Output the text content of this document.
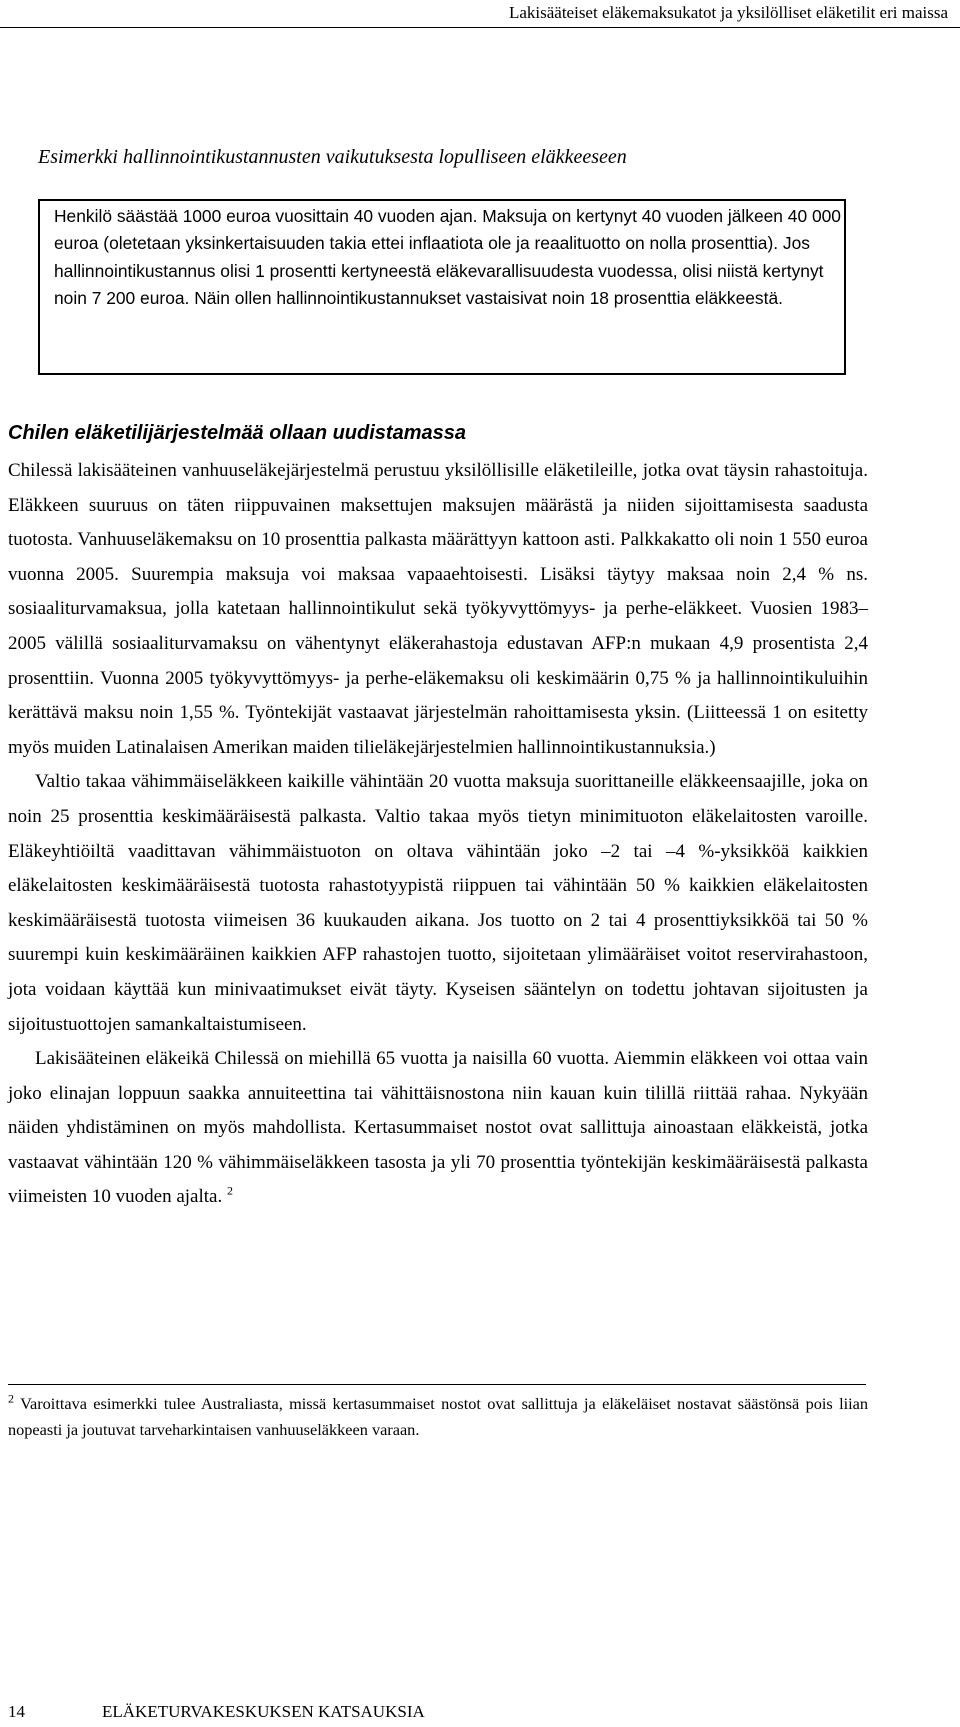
Lakisääteiset eläkemaksukatot ja yksilölliset eläketilit eri maissa
Esimerkki hallinnointikustannusten vaikutuksesta lopulliseen eläkkeeseen

Henkilö säästää 1000 euroa vuosittain 40 vuoden ajan. Maksuja on kertynyt 40 vuoden jälkeen 40 000 euroa (oletetaan yksinkertaisuuden takia ettei inflaatiota ole ja reaalituotto on nolla prosenttia). Jos hallinnointikustannus olisi 1 prosentti kertyneestä eläkevarallisuudesta vuodessa, olisi niistä kertynyt noin 7 200 euroa. Näin ollen hallinnointikustannukset vastaisivat noin 18 prosenttia eläkkeestä.

Chilen eläketilijärjestelmää ollaan uudistamassa

Chilessä lakisääteinen vanhuuseläkejärjestelmä perustuu yksilöllisille eläketileille, jotka ovat täysin rahastoituja. Eläkkeen suuruus on täten riippuvainen maksettujen maksujen määrästä ja niiden sijoittamisesta saadusta tuotosta. Vanhuuseläkemaksu on 10 prosenttia palkasta määrättyyn kattoon asti. Palkkakatto oli noin 1 550 euroa vuonna 2005. Suurempia maksuja voi maksaa vapaaehtoisesti. Lisäksi täytyy maksaa noin 2,4 % ns. sosiaaliturvamaksua, jolla katetaan hallinnointikulut sekä työkyvyttömyys- ja perhe-eläkkeet. Vuosien 1983–2005 välillä sosiaaliturvamaksu on vähentynyt eläkerahastoja edustavan AFP:n mukaan 4,9 prosentista 2,4 prosenttiin. Vuonna 2005 työkyvyttömyys- ja perhe-eläkemaksu oli keskimäärin 0,75 % ja hallinnointikuluihin kerättävä maksu noin 1,55 %. Työntekijät vastaavat järjestelmän rahoittamisesta yksin. (Liitteessä 1 on esitetty myös muiden Latinalaisen Amerikan maiden tilieläkejärjestelmien hallinnointikustannuksia.)

Valtio takaa vähimmäiseläkkeen kaikille vähintään 20 vuotta maksuja suorittaneille eläkkeensaajille, joka on noin 25 prosenttia keskimääräisestä palkasta. Valtio takaa myös tietyn minimituoton eläkelaitosten varoille. Eläkeyhtiöiltä vaadittavan vähimmäistuoton on oltava vähintään joko –2 tai –4 %-yksikköä kaikkien eläkelaitosten keskimääräisestä tuotosta rahastotyypistä riippuen tai vähintään 50 % kaikkien eläkelaitosten keskimääräisestä tuotosta viimeisen 36 kuukauden aikana. Jos tuotto on 2 tai 4 prosenttiyksikköä tai 50 % suurempi kuin keskimääräinen kaikkien AFP rahastojen tuotto, sijoitetaan ylimääräiset voitot reservirahastoon, jota voidaan käyttää kun minivaatimukset eivät täyty. Kyseisen sääntelyn on todettu johtavan sijoitusten ja sijoitustuottojen samankaltaistumiseen.

Lakisääteinen eläkeikä Chilessä on miehillä 65 vuotta ja naisilla 60 vuotta. Aiemmin eläkkeen voi ottaa vain joko elinajan loppuun saakka annuiteettina tai vähittäisnostona niin kauan kuin tilillä riittää rahaa. Nykyään näiden yhdistäminen on myös mahdollista. Kertasummaiset nostot ovat sallittuja ainoastaan eläkkeistä, jotka vastaavat vähintään 120 % vähimmäiseläkkeen tasosta ja yli 70 prosenttia työntekijän keskimääräisestä palkasta viimeisten 10 vuoden ajalta. $^2$

$^2$ Varoittava esimerkki tulee Australiasta, missä kertasummaiset nostot ovat sallittuja ja eläkeläiset nostavat säästönsä pois liian nopeasti ja joutuvat tarveharkintaisen vanhuuseläkkeen varaan.
14	ELÄKETURVAKESKUKSEN KATSAUKSIA
